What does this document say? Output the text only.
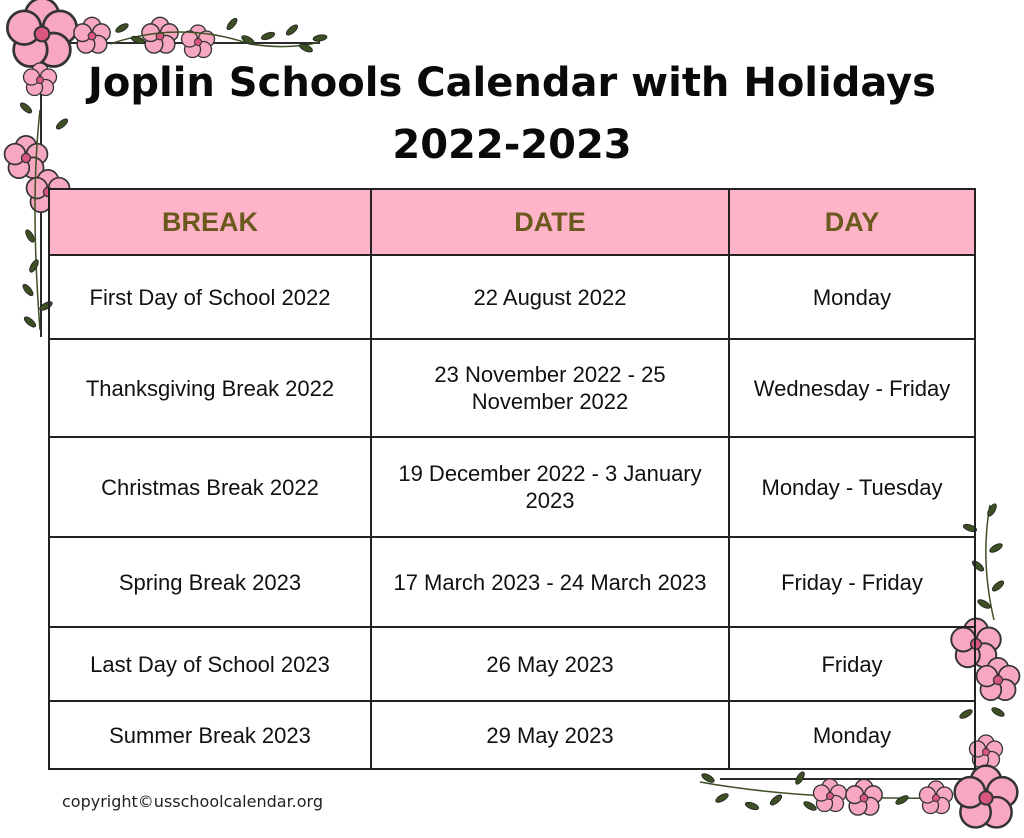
Joplin Schools Calendar with Holidays
2022-2023
BREAK	DATE	DAY
First Day of School 2022	22 August 2022	Monday
Thanksgiving Break 2022	23 November 2022 - 25 November 2022	Wednesday - Friday
Christmas Break 2022	19 December 2022 - 3 January 2023	Monday - Tuesday
Spring Break 2023	17 March 2023 - 24 March 2023	Friday - Friday
Last Day of School 2023	26 May 2023	Friday
Summer Break 2023	29 May 2023	Monday
copyright©usschoolcalendar.org
